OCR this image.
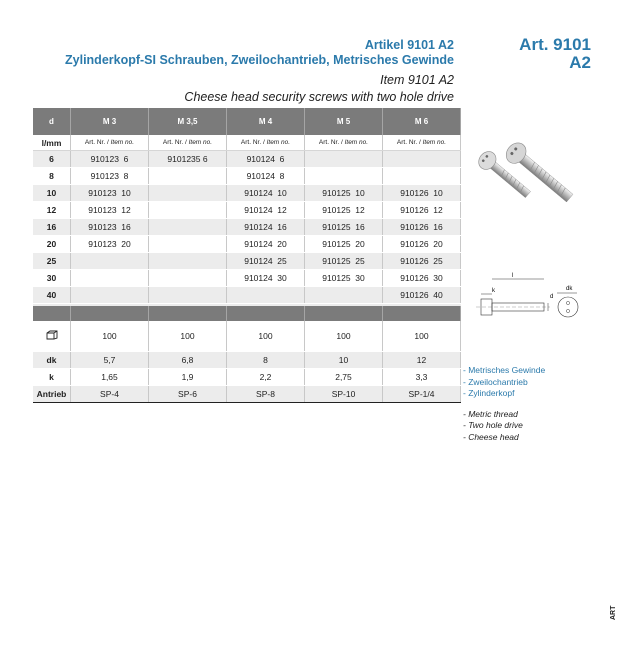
Artikel 9101 A2
Zylinderkopf-SI Schrauben, Zweilochantrieb, Metrisches Gewinde
Item 9101 A2
Cheese head security screws with two hole drive
Art. 9101
A2
d	M 3	M 3,5	M 4	M 5	M 6
l/mm	Art. Nr. / Item no.	Art. Nr. / Item no.	Art. Nr. / Item no.	Art. Nr. / Item no.	Art. Nr. / Item no.
6	910123  6	9101235 6	910124  6		
8	910123  8		910124  8		
10	910123  10		910124  10	910125  10	910126  10
12	910123  12		910124  12	910125  12	910126  12
16	910123  16		910124  16	910125  16	910126  16
20	910123  20		910124  20	910125  20	910126  20
25			910124  25	910125  25	910126  25
30			910124  30	910125  30	910126  30
40					910126  40

	100	100	100	100	100
dk	5,7	6,8	8	10	12
k	1,65	1,9	2,2	2,75	3,3
Antrieb	SP-4	SP-6	SP-8	SP-10	SP-1/4
l
k
d
dk
- Metrisches Gewinde
- Zweilochantrieb
- Zylinderkopf
- Metric thread
- Two hole drive
- Cheese head
ART
